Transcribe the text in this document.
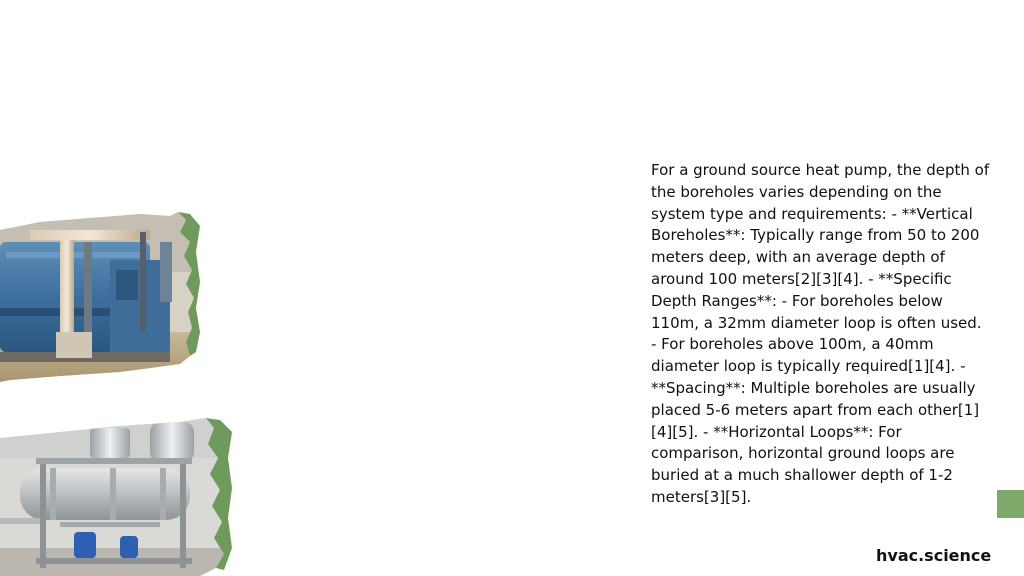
For a ground source heat pump, the depth of the boreholes varies depending on the system type and requirements: - **Vertical Boreholes**: Typically range from 50 to 200 meters deep, with an average depth of around 100 meters[2][3][4]. - **Specific Depth Ranges**: - For boreholes below 110m, a 32mm diameter loop is often used. - For boreholes above 100m, a 40mm diameter loop is typically required[1][4]. - **Spacing**: Multiple boreholes are usually placed 5-6 meters apart from each other[1][4][5]. - **Horizontal Loops**: For comparison, horizontal ground loops are buried at a much shallower depth of 1-2 meters[3][5].

hvac.science
